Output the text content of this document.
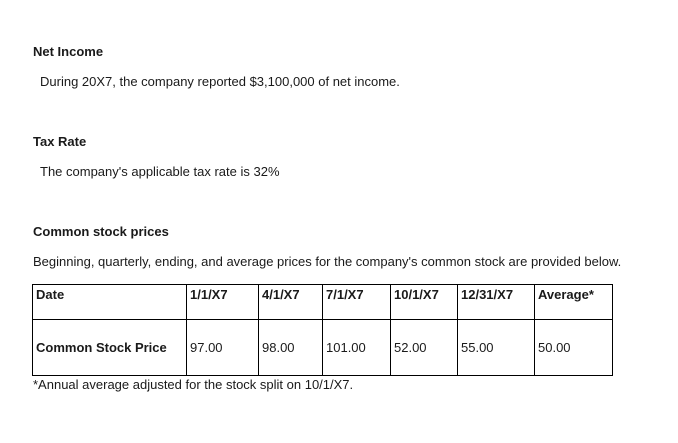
Net Income
During 20X7, the company reported $3,100,000 of net income.
Tax Rate
The company's applicable tax rate is 32%
Common stock prices
Beginning, quarterly, ending, and average prices for the company's common stock are provided below.
Date	1/1/X7	4/1/X7	7/1/X7	10/1/X7	12/31/X7	Average*
Common Stock Price	97.00	98.00	101.00	52.00	55.00	50.00
*Annual average adjusted for the stock split on 10/1/X7.
